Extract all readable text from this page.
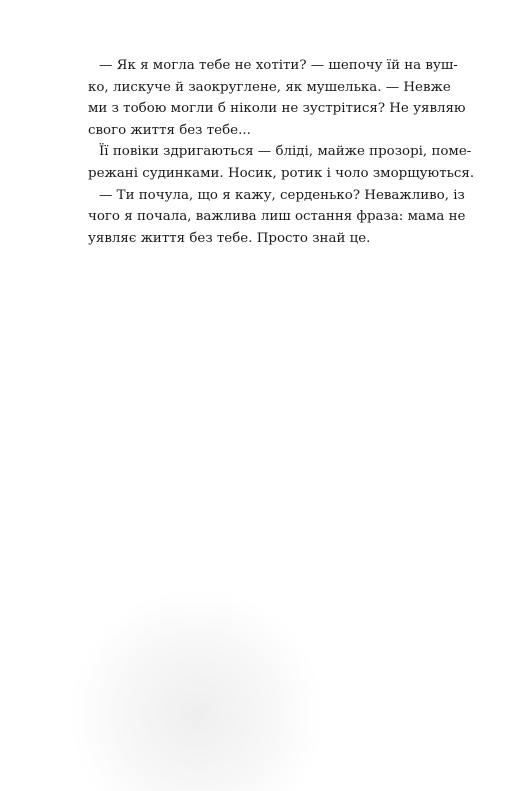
— Як я могла тебе не хотіти? — шепочу їй на вуш-
ко, лискуче й заокруглене, як мушелька. — Невже
ми з тобою могли б ніколи не зустрітися? Не уявляю
свого життя без тебе...
Її повіки здригаються — бліді, майже прозорі, поме-
режані судинками. Носик, ротик і чоло зморщуються.
— Ти почула, що я кажу, серденько? Неважливо, із
чого я почала, важлива лиш остання фраза: мама не
уявляє життя без тебе. Просто знай це.
